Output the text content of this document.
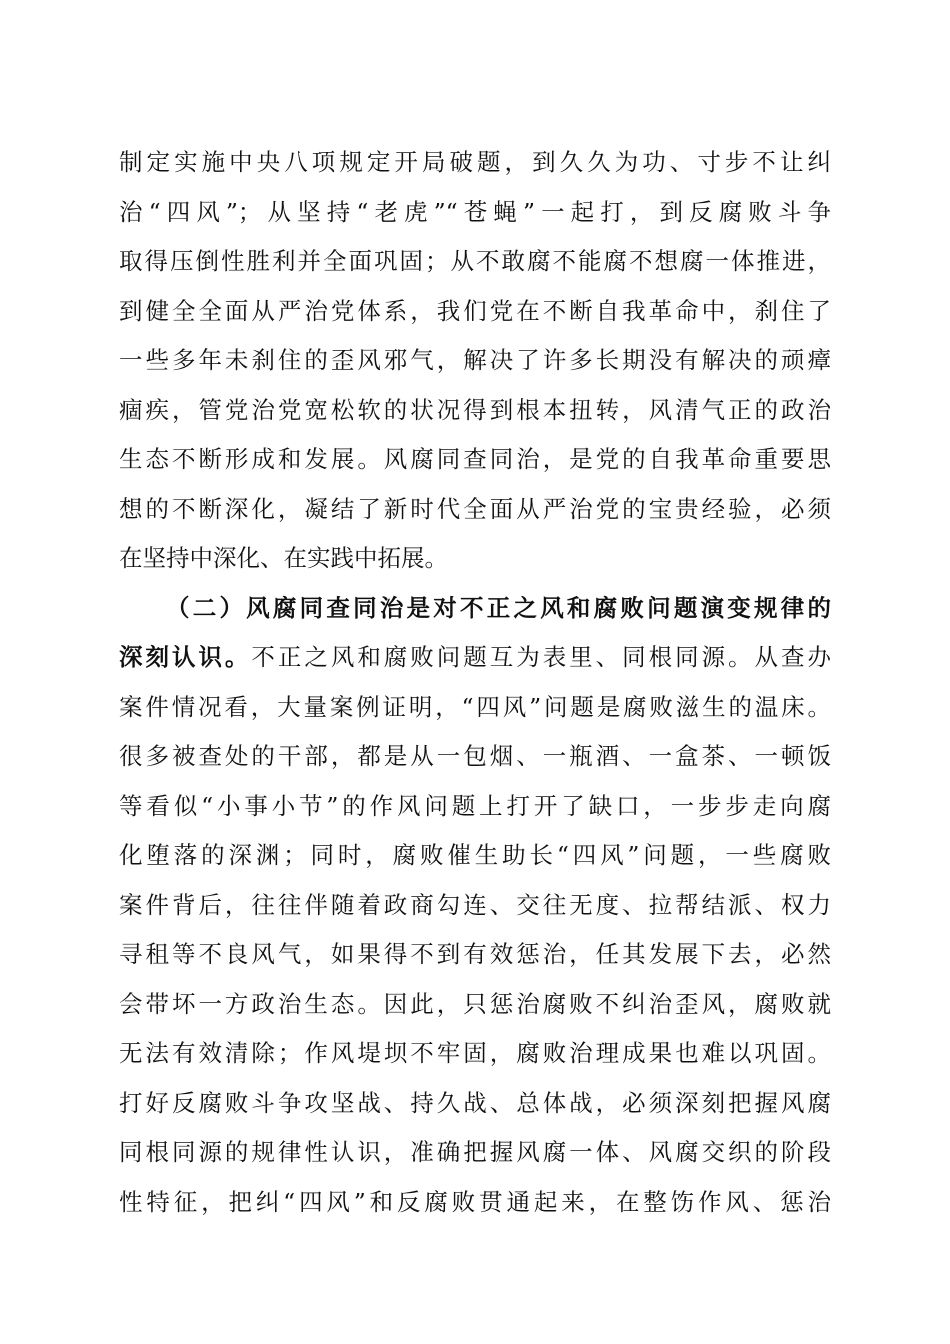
制定实施中央八项规定开局破题，到久久为功、寸步不让纠
治“四风”；从坚持“老虎”“苍蝇”一起打，到反腐败斗争
取得压倒性胜利并全面巩固；从不敢腐不能腐不想腐一体推进，
到健全全面从严治党体系，我们党在不断自我革命中，刹住了
一些多年未刹住的歪风邪气，解决了许多长期没有解决的顽瘴
痼疾，管党治党宽松软的状况得到根本扭转，风清气正的政治
生态不断形成和发展。风腐同查同治，是党的自我革命重要思
想的不断深化，凝结了新时代全面从严治党的宝贵经验，必须
在坚持中深化、在实践中拓展。
（二）风腐同查同治是对不正之风和腐败问题演变规律的
深刻认识。不正之风和腐败问题互为表里、同根同源。从查办
案件情况看，大量案例证明，“四风”问题是腐败滋生的温床。
很多被查处的干部，都是从一包烟、一瓶酒、一盒茶、一顿饭
等看似“小事小节”的作风问题上打开了缺口，一步步走向腐
化堕落的深渊；同时，腐败催生助长“四风”问题，一些腐败
案件背后，往往伴随着政商勾连、交往无度、拉帮结派、权力
寻租等不良风气，如果得不到有效惩治，任其发展下去，必然
会带坏一方政治生态。因此，只惩治腐败不纠治歪风，腐败就
无法有效清除；作风堤坝不牢固，腐败治理成果也难以巩固。
打好反腐败斗争攻坚战、持久战、总体战，必须深刻把握风腐
同根同源的规律性认识，准确把握风腐一体、风腐交织的阶段
性特征，把纠“四风”和反腐败贯通起来，在整饬作风、惩治
